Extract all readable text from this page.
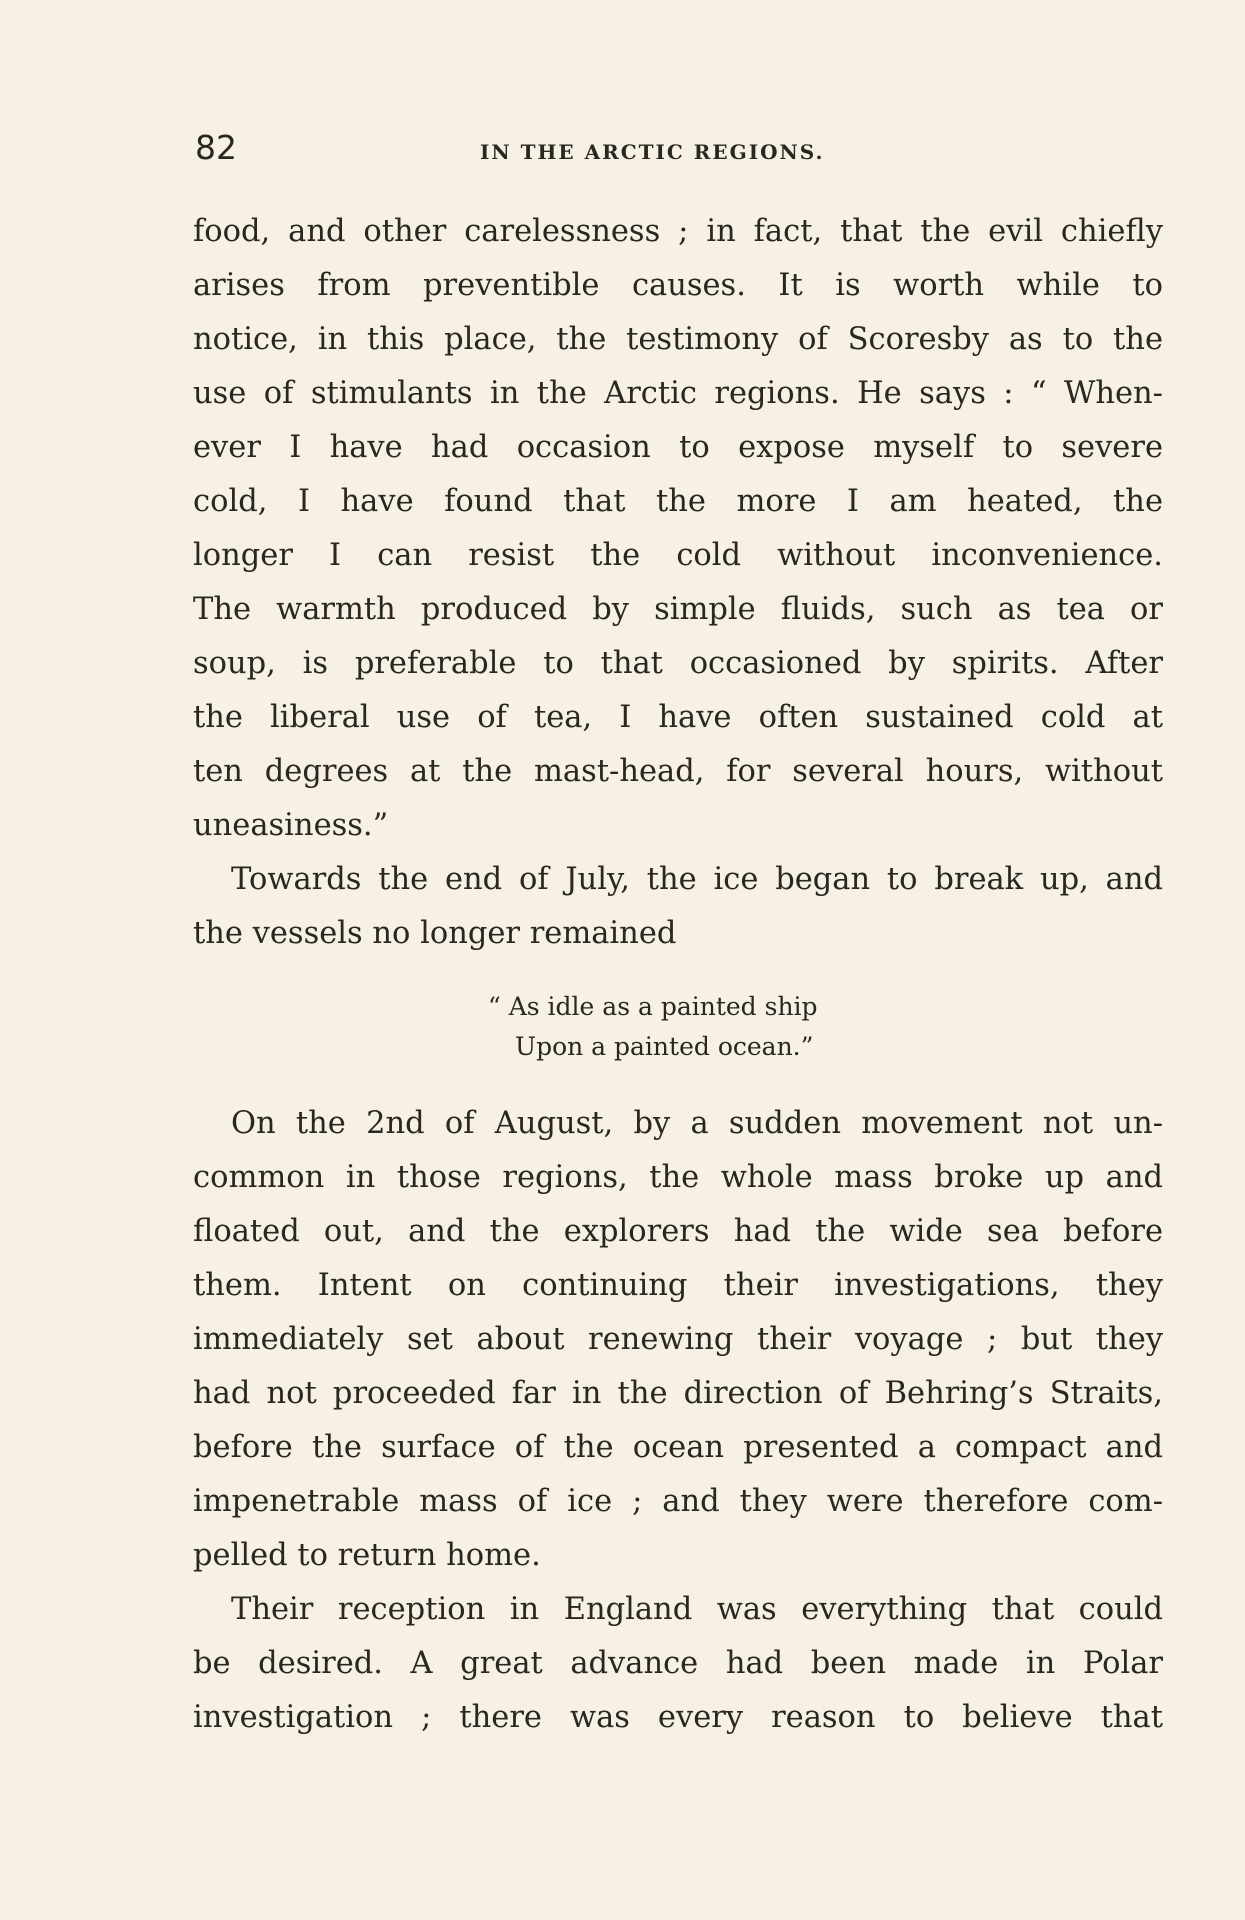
82	IN THE ARCTIC REGIONS.
food, and other carelessness ; in fact, that the evil chiefly
arises from preventible causes. It is worth while to
notice, in this place, the testimony of Scoresby as to the
use of stimulants in the Arctic regions. He says : “ When-
ever I have had occasion to expose myself to severe
cold, I have found that the more I am heated, the
longer I can resist the cold without inconvenience.
The warmth produced by simple fluids, such as tea or
soup, is preferable to that occasioned by spirits. After
the liberal use of tea, I have often sustained cold at
ten degrees at the mast-head, for several hours, without
uneasiness.”
Towards the end of July, the ice began to break up, and
the vessels no longer remained
“ As idle as a painted ship
Upon a painted ocean.”
On the 2nd of August, by a sudden movement not un-
common in those regions, the whole mass broke up and
floated out, and the explorers had the wide sea before
them. Intent on continuing their investigations, they
immediately set about renewing their voyage ; but they
had not proceeded far in the direction of Behring’s Straits,
before the surface of the ocean presented a compact and
impenetrable mass of ice ; and they were therefore com-
pelled to return home.
Their reception in England was everything that could
be desired. A great advance had been made in Polar
investigation ; there was every reason to believe that
